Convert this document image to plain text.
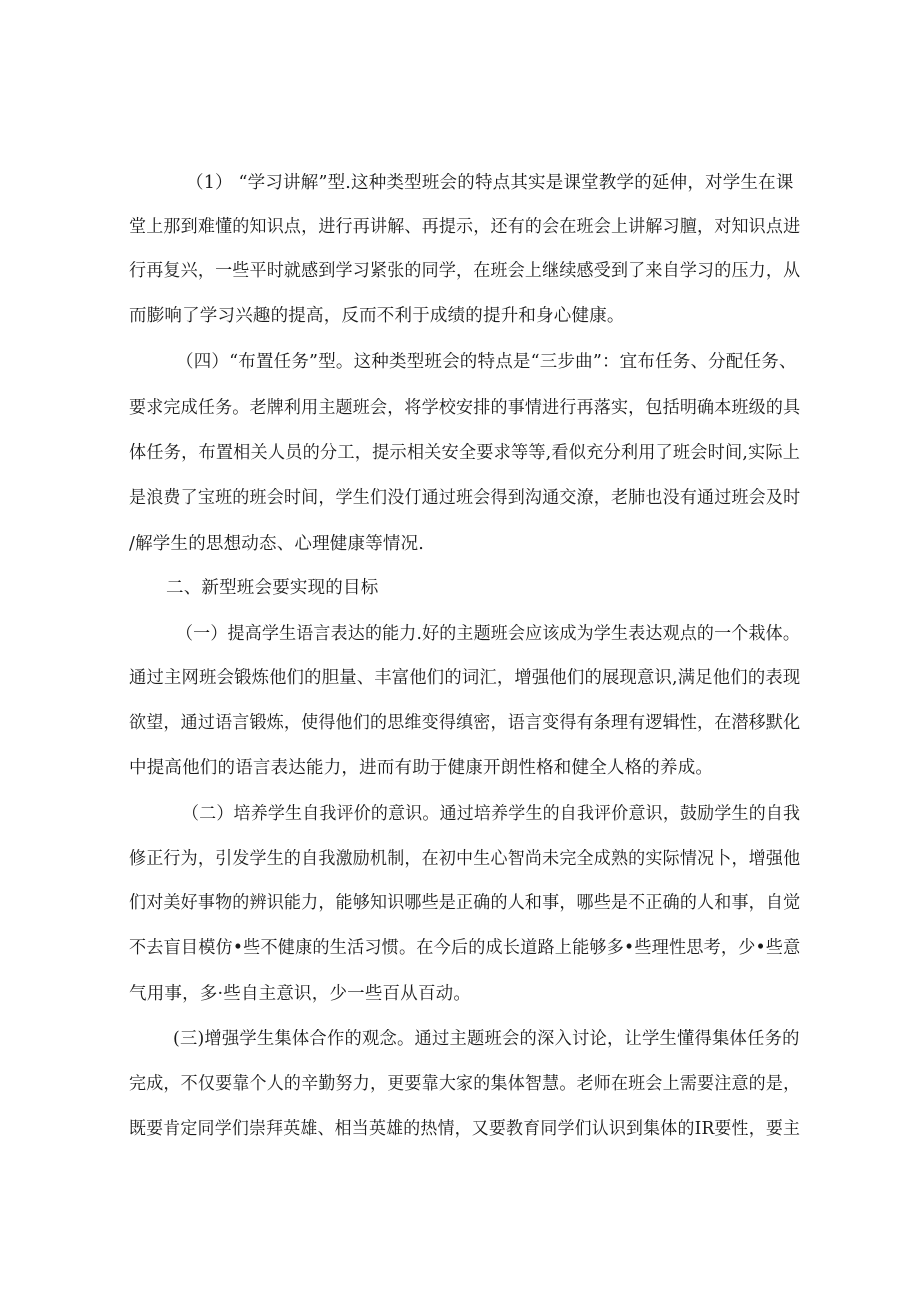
（1） “学习讲解”型.这种类型班会的特点其实是课堂教学的延伸，对学生在课
堂上那到难懂的知识点，进行再讲解、再提示，还有的会在班会上讲解习膻，对知识点进
行再复兴，一些平时就感到学习紧张的同学，在班会上继续感受到了来自学习的压力，从
而膨响了学习兴趣的提高，反而不利于成绩的提升和身心健康。
（四）“布置任务”型。这种类型班会的特点是“三步曲”：宜布任务、分配任务、
要求完成任务。老牌利用主题班会，将学校安排的事情进行再落实，包括明确本班级的具
体任务，布置相关人员的分工，提示相关安全要求等等,看似充分利用了班会时间,实际上
是浪费了宝班的班会时间，学生们没仃通过班会得到沟通交潦，老肺也没有通过班会及时
/解学生的思想动态、心理健康等情况.
二、新型班会要实现的目标
（一）提高学生语言表达的能力.好的主题班会应该成为学生表达观点的一个栽体。
通过主网班会锻炼他们的胆量、丰富他们的词汇，增强他们的展现意识,满足他们的表现
欲望，通过语言锻炼，使得他们的思维变得缜密，语言变得有条理有逻辑性，在潜移默化
中提高他们的语言表达能力，进而有助于健康开朗性格和健全人格的养成。
（二）培养学生自我评价的意识。通过培养学生的自我评价意识，鼓励学生的自我
修正行为，引发学生的自我激励机制，在初中生心智尚未完全成熟的实际情况卜，增强他
们对美好事物的辨识能力，能够知识哪些是正确的人和事，哪些是不正确的人和事，自觉
不去盲目模仿•些不健康的生活习惯。在今后的成长道路上能够多•些理性思考，少•些意
气用事，多·些自主意识，少一些百从百动。
(三)增强学生集体合作的观念。通过主题班会的深入讨论，让学生懂得集体任务的
完成，不仅要靠个人的辛勤努力，更要靠大家的集体智慧。老师在班会上需要注意的是，
既要肯定同学们崇拜英雄、相当英雄的热情，又要教育同学们认识到集体的IR要性，要主
